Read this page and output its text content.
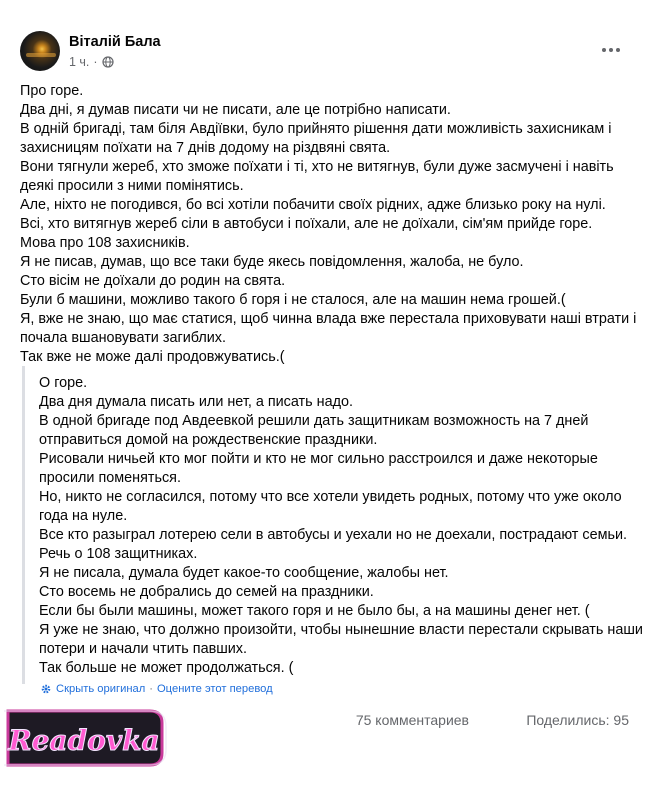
Віталій Бала
1 ч. ·

Про горе.

Два дні, я думав писати чи не писати, але це потрібно написати.

В одній бригаді, там біля Авдіївки, було прийнято рішення дати можливість захисникам і

захисницям поїхати на 7 днів додому на різдвяні свята.

Вони тягнули жереб, хто зможе поїхати і ті, хто не витягнув, були дуже засмучені і навіть

деякі просили з ними помінятись.

Але, ніхто не погодився, бо всі хотіли побачити своїх рідних, адже близько року на нулі.

Всі, хто витягнув жереб сіли в автобуси і поїхали, але не доїхали, сім'ям прийде горе.

Мова про 108 захисників.

Я не писав, думав, що все таки буде якесь повідомлення, жалоба, не було.

Сто вісім не доїхали до родин на свята.

Були б машини, можливо такого б горя і не сталося, але на машин нема грошей.(

Я, вже не знаю, що має статися, щоб чинна влада вже перестала приховувати наші втрати і

почала вшановувати загиблих.

Так вже не може далі продовжуватись.(

О горе.

Два дня думала писать или нет, а писать надо.

В одной бригаде под Авдеевкой решили дать защитникам возможность на 7 дней

отправиться домой на рождественские праздники.

Рисовали ничьей кто мог пойти и кто не мог сильно расстроился и даже некоторые

просили поменяться.

Но, никто не согласился, потому что все хотели увидеть родных, потому что уже около

года на нуле.

Все кто разыграл лотерею сели в автобусы и уехали но не доехали, пострадают семьи.

Речь о 108 защитниках.

Я не писала, думала будет какое-то сообщение, жалобы нет.

Сто восемь не добрались до семей на праздники.

Если бы были машины, может такого горя и не было бы, а на машины денег нет. (

Я уже не знаю, что должно произойти, чтобы нынешние власти перестали скрывать наши

потери и начали чтить павших.

Так больше не может продолжаться. (

Скрыть оригинал · Оцените этот перевод
75 комментариев	Поделились: 95
Readovka
